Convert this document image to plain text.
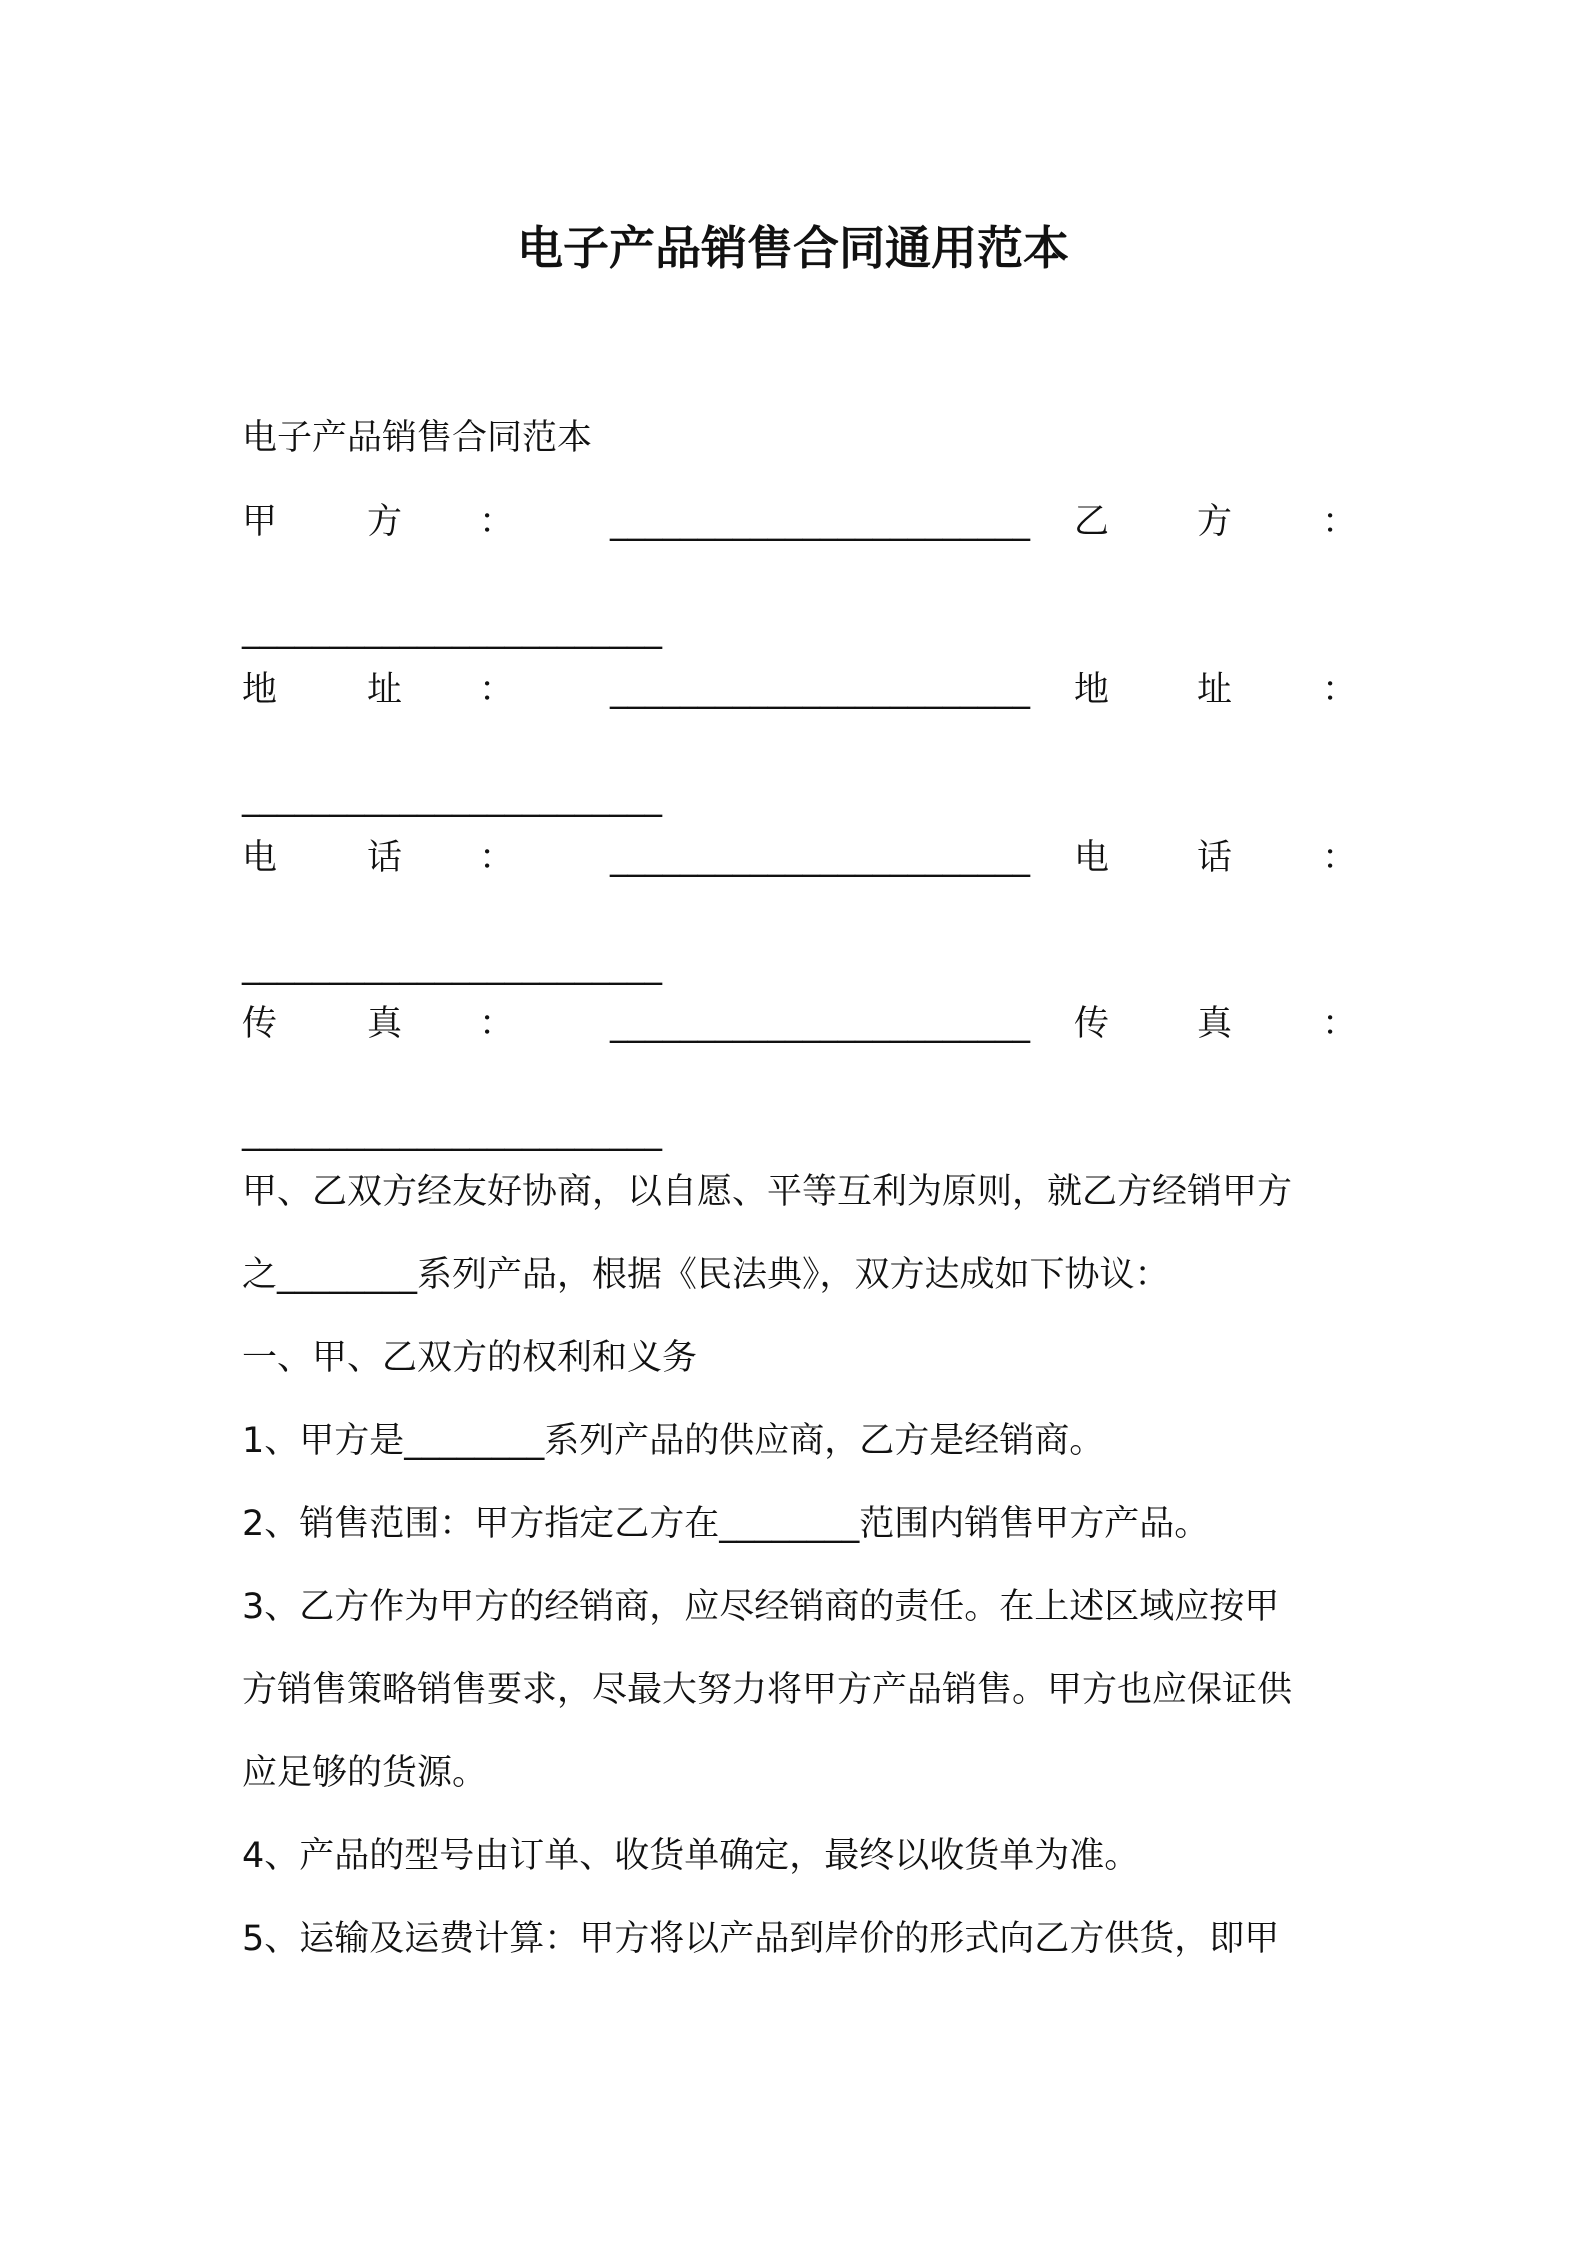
电子产品销售合同通用范本
电子产品销售合同范本
甲	方 ：	________________________ 乙	方	：
________________________
地	址 ：	________________________ 地	址	：
________________________
电	话 ：	________________________ 电	话	：
________________________
传	真 ：	________________________ 传	真	：
________________________
甲、乙双方经友好协商，以自愿、平等互利为原则，就乙方经销甲方
之________系列产品，根据《民法典》，双方达成如下协议：
一、甲、乙双方的权利和义务
1、甲方是________系列产品的供应商，乙方是经销商。
2、销售范围：甲方指定乙方在________范围内销售甲方产品。
3、乙方作为甲方的经销商，应尽经销商的责任。在上述区域应按甲
方销售策略销售要求，尽最大努力将甲方产品销售。甲方也应保证供
应足够的货源。
4、产品的型号由订单、收货单确定，最终以收货单为准。
5、运输及运费计算：甲方将以产品到岸价的形式向乙方供货，即甲
